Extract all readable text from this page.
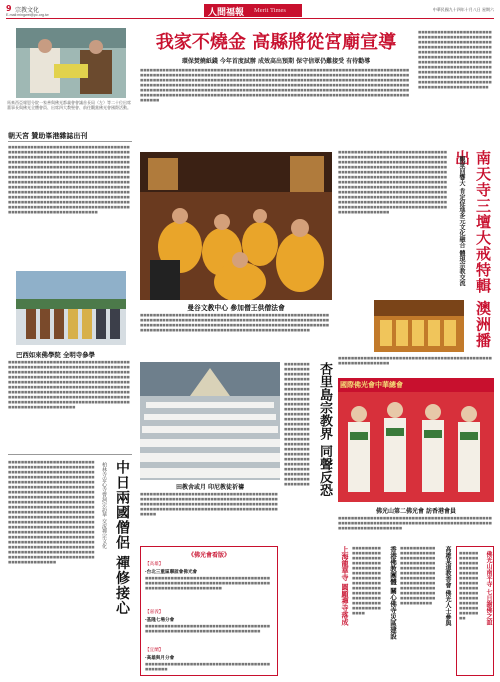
9 宗教文化
E-mail:mingwei@pc.org.tw	人間福報 Merit Times	中華民國九十四年十月八日 星期六
馬來西亞報恩分院一家善與佛光都義會會議首長局（左）等二十位出席董事長與佛光全體會員、出席四大教聖會、前往觀賞佛光會國際活動。
朝天宮 贊助峯港雜誌出刊
■■■■■■■■■■■■■■■■■■■■■■■■■■■■■■■■■■■■■■■■■■■■■■■■■■■■■■■■■■■■■■■■■■■■■■■■■■■■■■■■■■■■■■■■■■■■■■■■■■■■■■■■■■■■■■■■■■■■■■■■■■■■■■■■■■■■■■■■■■■■■■■■■■■■■■■■■■■■■■■■■■■■■■■■■■■■■■■■■■■■■■■■■■■■■■■■■■■■■■■■■■■■■■■■■■■■■■■■■■■■■■■■■■■■■■■■■■■■■■■■■■■■■■■■■■■■■■■■■■■■■■■■■■■■■■■■■■■■■■■■■■■■■■■■■■■■■■■■■■■■■■■■■■■■■■■■■■■■■■■■■■■■■■■■■■■■■■■■■■■■■■■■■■■■■■■■■■■■■■■■■■■■■■■■■■■■■■■■■■■■■■■■■■■■■■■■■■■■■■■■■■■■■■■■■■■■■■■■■■■■■■■■■■■■■■■■■■■■■■■■■■■■■■■■■■■■■■■■■■■■■■■■■■■■■■■■■■■■■■■■■■■■■■■■■■■■■■■■■■■■■■■■■■■■■■■■■■■■■■■■■■
巴西如來佛學院 全明寺參學
■■■■■■■■■■■■■■■■■■■■■■■■■■■■■■■■■■■■■■■■■■■■■■■■■■■■■■■■■■■■■■■■■■■■■■■■■■■■■■■■■■■■■■■■■■■■■■■■■■■■■■■■■■■■■■■■■■■■■■■■■■■■■■■■■■■■■■■■■■■■■■■■■■■■■■■■■■■■■■■■■■■■■■■■■■■■■■■■■■■■■■■■■■■■■■■■■■■■■■■■■■■■■■■■■■■■■■■■■■■■■■■■■■■■■■■■■■■■■■■■■■■■■■■■■■■■■■■■■■■■■■■■■■■■■■■■■■■■■■■■■■■■■■■■■■■■■■■■■■■■■■■■■■■■■■■■■■■■■■■■■■■■■■■■■■■■■■■■■■■■■■■■■■■■■■■■■■■■■■■■■■■
■■■■■■■■■■■■■■■■■■■■■■■■■■■■■■■■■■■■■■■■■■■■■■■■■■■■■■■■■■■■■■■■■■■■■■■■■■■■■■■■■■■■■■■■■■■■■■■■■■■■■■■■■■■■■■■■■■■■■■■■■■■■■■■■■■■■■■■■■■■■■■■■■■■■■■■■■■■■■■■■■■■■■■■■■■■■■■■■■■■■■■■■■■■■■■■■■■■■■■■■■■■■■■■■■■■■■■■■■■■■■■■■■■■■■■■■■■■■■■■■■■■■■■■■■■■■■■■■■■■■■■■■■■■■■■■■■■■■■■■■■■■■■■■■■■■■■■■■■■■■■■■■■■■■■■■■■■■■■■■■■■■■■■■■■■■■■■■■■■■■■■■■■■■■■■■■■■■■■■■■■■■■■■■■■■■■■■■■■■■■■■■■■■■■■■■■■■■■■■■■■■■■■■■■■■■■■■■■■■■■■■■■■■■■■■■■■■■■■■■■■■■■■■■■■■■■■■■■■■■■■■■■■■■■■■■■■■■■■■■■■■■■■■■■■■■■■■■■■■■■■■■■■■■■■■■■■■■■■■■■■■■■■■■■■■■■■■■■■■■■■■■■■■■■■■■■■■■	中日兩國僧侶 禪修接心
柏林寺安心寺曹洞宗訪華 交流禪宗文化
我家不燒金 高縣將從宮廟宣導
環保焚燒紙錢 今年首度試辦 成效高出預期 保守信眾仍難接受 有待勸導
■■■■■■■■■■■■■■■■■■■■■■■■■■■■■■■■■■■■■■■■■■■■■■■■■■■■■■■■■■■■■■■■■■■■■■■■■■■■■■■■■■■■■■■■■■■■■■■■■■■■■■■■■■■■■■■■■■■■■■■■■■■■■■■■■■■■■■■■■■■■■■■■■■■■■■■■■■■■■■■■■■■■■■■■■■■■■■■■■■■■■■■■■■■■■■■■■■■■■■■■■■■■■■■■■■■■■■■■■■■■■■■■■■■■■■■■■■■■■■■■■■■■■■■■■■■■■■■■■■■■■■■■■■■■■■■■■■■■■■■■■■■■■■■■■■■■■■■■■■■■■■■■■■■■■■■■■■■■■■■■■■■■■■■■■■■■■■■■■■■■■■■■■■■■■■■■■■■■■■■■■■■■■■■■■■■■■■■■■■■■■■■■■■■■■■■■■■■■■■■■■■■■■■■■■■■■■■■■■■■■■■■■■■■■■■■■■■■■■■■■■■■■■■■■■■■■■■■■■■■■■■■■■■■■■■■■■■■■■■■■■■■■■■■■■■■■■■■■■■■■■■■■■■■■■■
曼谷文教中心 參加僧王供僧法會
■■■■■■■■■■■■■■■■■■■■■■■■■■■■■■■■■■■■■■■■■■■■■■■■■■■■■■■■■■■■■■■■■■■■■■■■■■■■■■■■■■■■■■■■■■■■■■■■■■■■■■■■■■■■■■■■■■■■■■■■■■■■■■■■■■■■■■■■■■■■■■■■■■■■■■■■■■■■■■■■■■■■■■■■■■■■■■■■■■■■■■■■■■■■■■■■■■■■■■■■■■■■■■■■■■■■■■■■■■■■■■■■■■■■■■
田教舍或月 印尼教徒祈禱
■■■■■■■■■■■■■■■■■■■■■■■■■■■■■■■■■■■■■■■■■■■■■■■■■■■■■■■■■■■■■■■■■■■■■■■■■■■■■■■■■■■■■■■■■■■■■■■■■■■■■■■■■■■■■■■■■■■■■■■■■■■■■■■■■■■■■■■■■■■■■■■■■■■■■■■■■■■■■■■■■■■■■■■■■■■■■■■■■
杏里島宗教界 同聲反恐
■■■■■■■■■■■■■■■■■■■■■■■■■■■■■■■■■■■■■■■■■■■■■■■■■■■■■■■■■■■■■■■■■■■■■■■■■■■■■■■■■■■■■■■■■■■■■■■■■■■■■■■■■■■■■■■■■■■■■■■■■■■■■■■■■■■■■■■■■■■■■■■■■■■■■■■■■■■■■■■■■■■■■■■■■■■■■■■■■■■■■■■■■■■■■■■■■■■■■■■■
《佛光會看版》
【高雄】
‧台北三重區聯誼會佛光會
■■■■■■■■■■■■■■■■■■■■■■■■■■■■■■■■■■■■■■■■■■■■■■■■■■■■■■■■■■■■■■■■■■■■■■■■■■■■■■■■■■■■■■■■■■■■■■■■■■■■■■
【嘉義】
‧基隆七場分會
■■■■■■■■■■■■■■■■■■■■■■■■■■■■■■■■■■■■■■■■■■■■■■■■■■■■■■■■■■■■■■■■■■■■■■■■■■■
【宜蘭】
‧高雄與月分會
■■■■■■■■■■■■■■■■■■■■■■■■■■■■■■■■■■■■■■■■■■■■■■
■■■■■■■■■■■■■■■■■■■■■■■■■■■■■■■■■■■■■■■■■■■■■■■■■■■■■■■■■■■■■■■■■■■■■■■■■■■■■■■■■■■■■■■■■■■■■■■■■■■■■■■■■■■■■■■■■■■■■■■■■■■■■■■■■■■■■■■■■■■■■■■■■■■■■■■■■■■■■■■■■■■■■■■■■■■■■■■■■■■■■■■■■■■■■■■■■■■■■■■■■■■■■■■■■■■■■■■■■■■■■■■■■■■■■■■■■■■■■■■■■■■■■■■■■■■■■■■■■■■■■■■■■■■■■■■■■■■
南天寺三壇大戒特輯 澳洲播出
觀眾回響大 肯定促進多元文化融合 體現宗教交流
■■■■■■■■■■■■■■■■■■■■■■■■■■■■■■■■■■■■■■■■■■■■■■■■■■■■■■■■■■■■■■■■■■■■■■■■■■■■■■■■■■■■■■■■■■■■■■■■■■■■■■■■■■■■■■■■■■■■■■■■■■■■■■■■■■■■■■■■■■■■■■■■■■■■■■■■■■■■■■■■■■■■■■■■■■■■■■■■■■■■■■■■■■■■■■■■■■■■■■■■■■■■■■■■■■■■■■■■■■■■■■■■■■■■■■■■■■■■■■■■■■■■■■■■■■■■■■■■■■■■■■■■■■■■■■■■■■■■■■■■■■■■■■■■■■■■■■■■■■■■■■■■■■■■■■■■■■■■■■■■■■■■■■■■■■■■■■■■■■■■■■■■■■■■■■■■■■■■■■■■■■■■■■■■■■■■■■■■■■■■■■■■■■■■■■■■■■■■■■■■■■■■■■■■■■■■■■■■■■■■■■■■
■■■■■■■■■■■■■■■■■■■■■■■■■■■■■■■■■■■■■■■■■■■■■■■■■■■■■■■■■■■■■■■■
國際佛光會中華總會
佛光山第二佛光會 訪香港會員
■■■■■■■■■■■■■■■■■■■■■■■■■■■■■■■■■■■■■■■■■■■■■■■■■■■■■■■■■■■■■■■■■■■■■■■■■■■■■■■■■■■■■■■■■■■■■■■■■■■■■■■■■■■■■■■■■■■■
上海龍華寺 圓願禪寺落成 ■■■■■■■■■■■■■■■■■■■■■■■■■■■■■■■■■■■■■■■■■■■■■■■■■■■■■■■■■■■■■■■■■■■■■■■■■■■■■■■■■■■■■■■■■■■■■■■■■■■■■■■■■■■■■■■■■■■■■■■■■	香港佛教團體 關心佛寺災區建設 ■■■■■■■■■■■■■■■■■■■■■■■■■■■■■■■■■■■■■■■■■■■■■■■■■■■■■■■■■■■■■■■■■■■■■■■■■■■■■■■■■■■■■■■■■■■■■■■■■■■■■■■■■■■■■■■■■■■■■■■■■■■■■■■■■■■	高雄某道教香會 佛光人士參與	佛光山南平寺 七日謝佛之誼
■■■■■■■■■■■■■■■■■■■■■■■■■■■■■■■■■■■■■■■■■■■■■■■■■■■■■■■■■■■■■■■■■■■■■■■■■■■■■■■■
